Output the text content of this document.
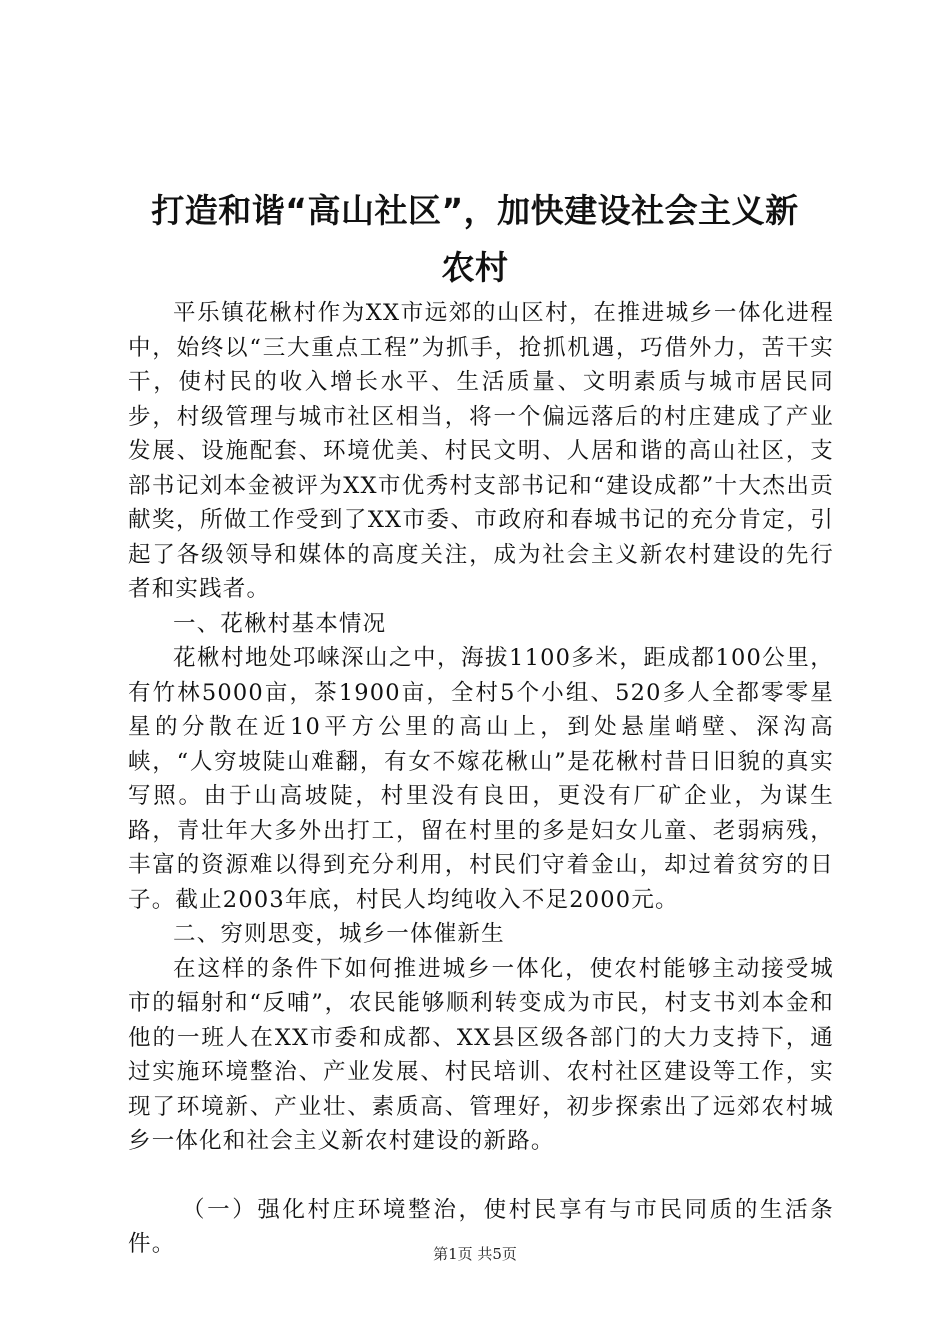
打造和谐“高山社区”，加快建设社会主义新
农村

平乐镇花楸村作为XX市远郊的山区村，在推进城乡一体化进程中，始终以“三大重点工程”为抓手，抢抓机遇，巧借外力，苦干实干，使村民的收入增长水平、生活质量、文明素质与城市居民同步，村级管理与城市社区相当，将一个偏远落后的村庄建成了产业发展、设施配套、环境优美、村民文明、人居和谐的高山社区，支部书记刘本金被评为XX市优秀村支部书记和“建设成都”十大杰出贡献奖，所做工作受到了XX市委、市政府和春城书记的充分肯定，引起了各级领导和媒体的高度关注，成为社会主义新农村建设的先行者和实践者。

一、花楸村基本情况

花楸村地处邛崃深山之中，海拔1100多米，距成都100公里，有竹林5000亩，茶1900亩，全村5个小组、520多人全都零零星星的分散在近10平方公里的高山上，到处悬崖峭壁、深沟高峡，“人穷坡陡山难翻，有女不嫁花楸山”是花楸村昔日旧貌的真实写照。由于山高坡陡，村里没有良田，更没有厂矿企业，为谋生路，青壮年大多外出打工，留在村里的多是妇女儿童、老弱病残，丰富的资源难以得到充分利用，村民们守着金山，却过着贫穷的日子。截止2003年底，村民人均纯收入不足2000元。

二、穷则思变，城乡一体催新生

在这样的条件下如何推进城乡一体化，使农村能够主动接受城市的辐射和“反哺”，农民能够顺利转变成为市民，村支书刘本金和他的一班人在XX市委和成都、XX县区级各部门的大力支持下，通过实施环境整治、产业发展、村民培训、农村社区建设等工作，实现了环境新、产业壮、素质高、管理好，初步探索出了远郊农村城乡一体化和社会主义新农村建设的新路。

（一）强化村庄环境整治，使村民享有与市民同质的生活条件。	第1页 共5页
